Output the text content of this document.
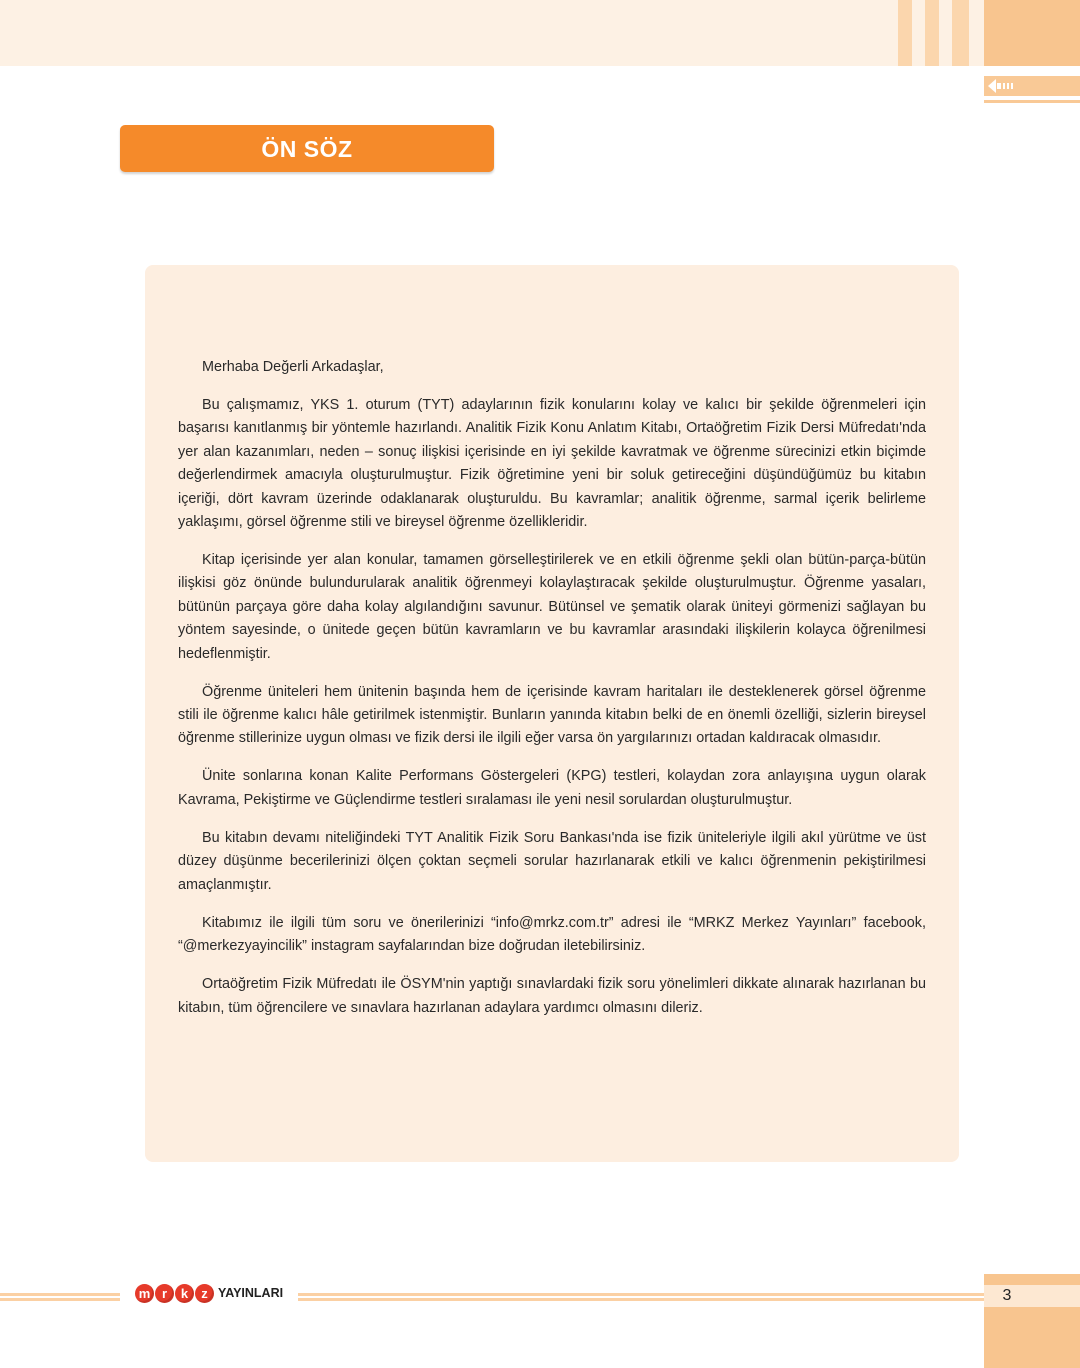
ÖN SÖZ

Merhaba Değerli Arkadaşlar,

Bu çalışmamız, YKS 1. oturum (TYT) adaylarının fizik konularını kolay ve kalıcı bir şekilde öğrenmeleri için başarısı kanıtlanmış bir yöntemle hazırlandı. Analitik Fizik Konu Anlatım Kitabı, Ortaöğretim Fizik Dersi Müfredatı'nda yer alan kazanımları, neden – sonuç ilişkisi içerisinde en iyi şekilde kavratmak ve öğrenme sürecinizi etkin biçimde değerlendirmek amacıyla oluşturulmuştur. Fizik öğretimine yeni bir soluk getireceğini düşündüğümüz bu kitabın içeriği, dört kavram üzerinde odaklanarak oluşturuldu. Bu kavramlar; analitik öğrenme, sarmal içerik belirleme yaklaşımı, görsel öğrenme stili ve bireysel öğrenme özellikleridir.

Kitap içerisinde yer alan konular, tamamen görselleştirilerek ve en etkili öğrenme şekli olan bütün-parça-bütün ilişkisi göz önünde bulundurularak analitik öğrenmeyi kolaylaştıracak şekilde oluşturulmuştur. Öğrenme yasaları, bütünün parçaya göre daha kolay algılandığını savunur. Bütünsel ve şematik olarak üniteyi görmenizi sağlayan bu yöntem sayesinde, o ünitede geçen bütün kavramların ve bu kavramlar arasındaki ilişkilerin kolayca öğrenilmesi hedeflenmiştir.

Öğrenme üniteleri hem ünitenin başında hem de içerisinde kavram haritaları ile desteklenerek görsel öğrenme stili ile öğrenme kalıcı hâle getirilmek istenmiştir. Bunların yanında kitabın belki de en önemli özelliği, sizlerin bireysel öğrenme stillerinize uygun olması ve fizik dersi ile ilgili eğer varsa ön yargılarınızı ortadan kaldıracak olmasıdır.

Ünite sonlarına konan Kalite Performans Göstergeleri (KPG) testleri, kolaydan zora anlayışına uygun olarak Kavrama, Pekiştirme ve Güçlendirme testleri sıralaması ile yeni nesil sorulardan oluşturulmuştur.

Bu kitabın devamı niteliğindeki TYT Analitik Fizik Soru Bankası'nda ise fizik üniteleriyle ilgili akıl yürütme ve üst düzey düşünme becerilerinizi ölçen çoktan seçmeli sorular hazırlanarak etkili ve kalıcı öğrenmenin pekiştirilmesi amaçlanmıştır.

Kitabımız ile ilgili tüm soru ve önerilerinizi “info@mrkz.com.tr” adresi ile “MRKZ Merkez Yayınları” facebook, “@merkezyayincilik” instagram sayfalarından bize doğrudan iletebilirsiniz.

Ortaöğretim Fizik Müfredatı ile ÖSYM'nin yaptığı sınavlardaki fizik soru yönelimleri dikkate alınarak hazırlanan bu kitabın, tüm öğrencilere ve sınavlara hazırlanan adaylara yardımcı olmasını dileriz.

m r	k	z YAYINLARI	3
